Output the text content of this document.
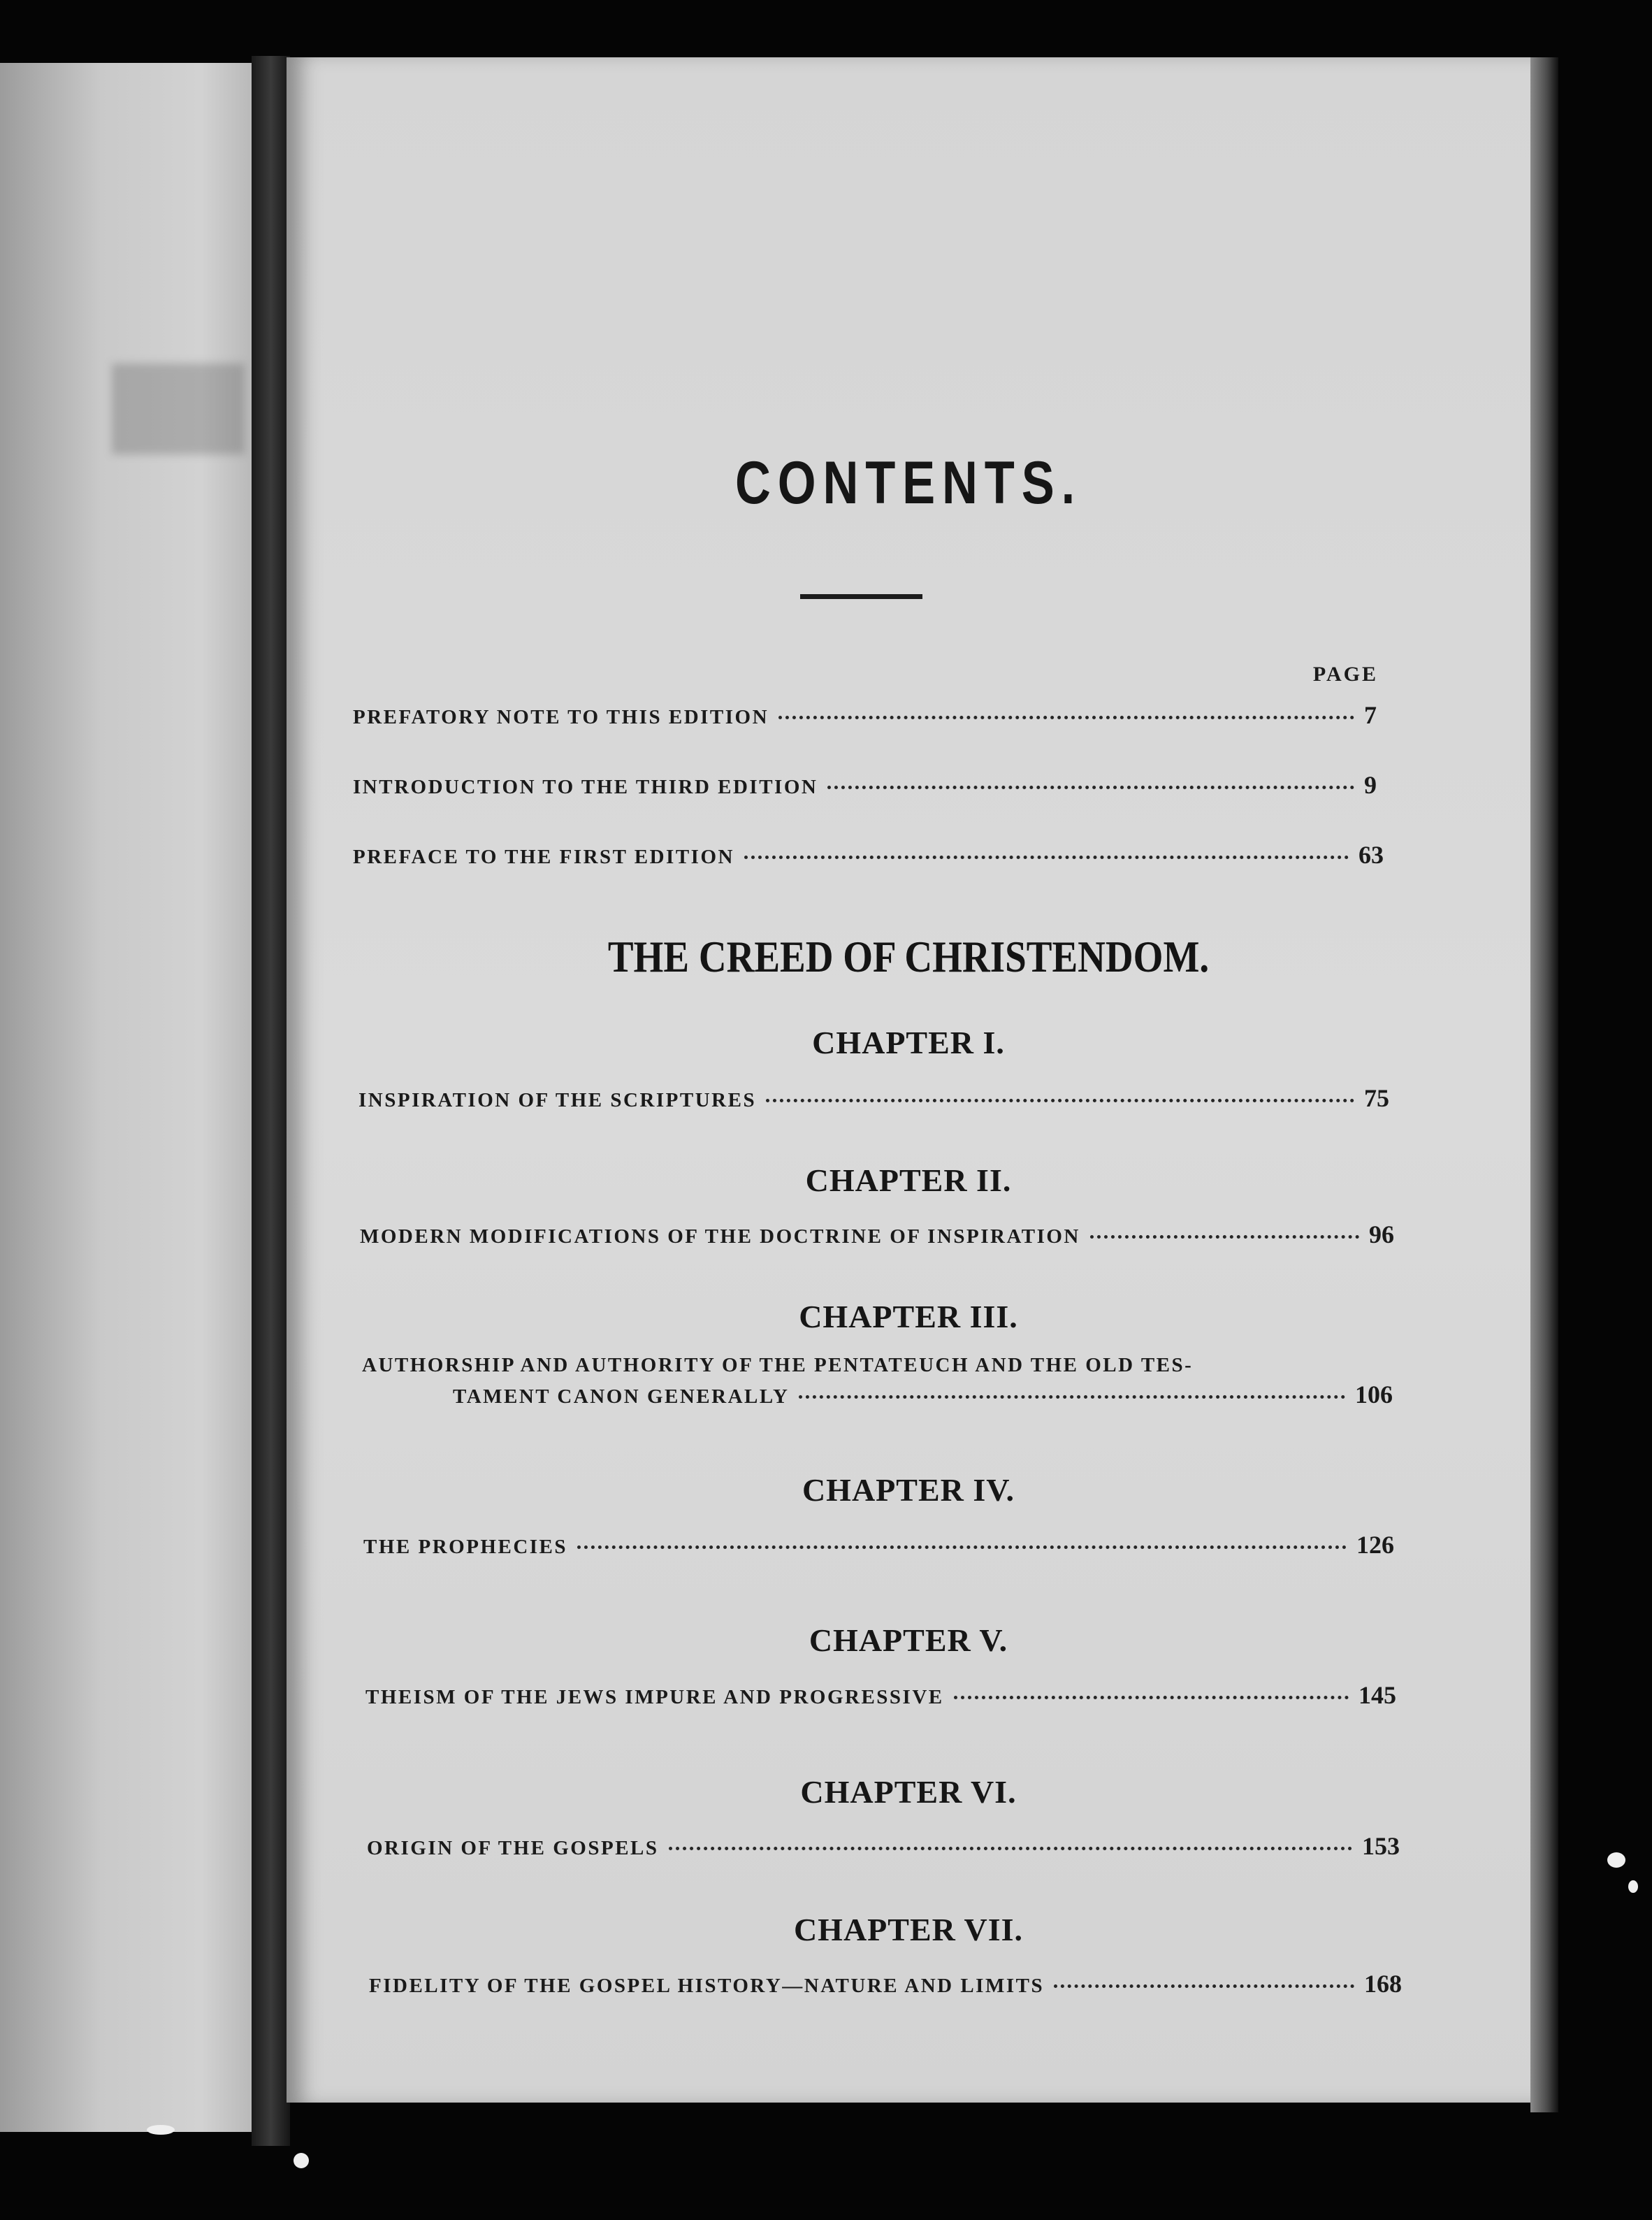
CONTENTS.
PAGE
PREFATORY NOTE TO THIS EDITION	7
INTRODUCTION TO THE THIRD EDITION	9
PREFACE TO THE FIRST EDITION	63
THE CREED OF CHRISTENDOM.
CHAPTER I.
INSPIRATION OF THE SCRIPTURES	75
CHAPTER II.
MODERN MODIFICATIONS OF THE DOCTRINE OF INSPIRATION	96
CHAPTER III.
AUTHORSHIP AND AUTHORITY OF THE PENTATEUCH AND THE OLD TES-
TAMENT CANON GENERALLY	106
CHAPTER IV.
THE PROPHECIES	126
CHAPTER V.
THEISM OF THE JEWS IMPURE AND PROGRESSIVE	145
CHAPTER VI.
ORIGIN OF THE GOSPELS	153
CHAPTER VII.
FIDELITY OF THE GOSPEL HISTORY—NATURE AND LIMITS	168
